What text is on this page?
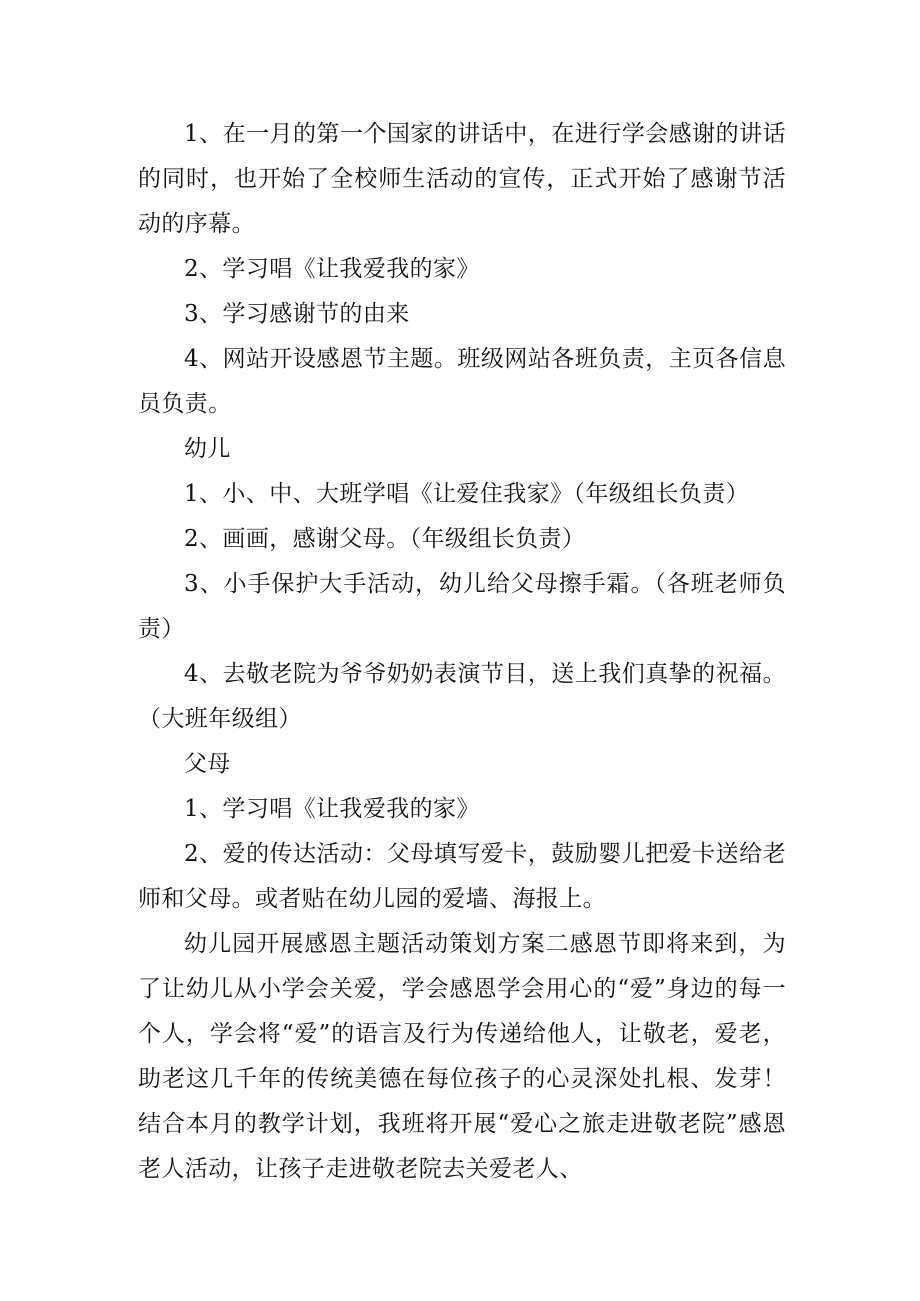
1、在一月的第一个国家的讲话中，在进行学会感谢的讲话的同时，也开始了全校师生活动的宣传，正式开始了感谢节活动的序幕。

2、学习唱《让我爱我的家》

3、学习感谢节的由来

4、网站开设感恩节主题。班级网站各班负责，主页各信息员负责。

幼儿

1、小、中、大班学唱《让爱住我家》（年级组长负责）

2、画画，感谢父母。（年级组长负责）

3、小手保护大手活动，幼儿给父母擦手霜。（各班老师负责）

4、去敬老院为爷爷奶奶表演节目，送上我们真挚的祝福。（大班年级组）

父母

1、学习唱《让我爱我的家》

2、爱的传达活动：父母填写爱卡，鼓励婴儿把爱卡送给老师和父母。或者贴在幼儿园的爱墙、海报上。

幼儿园开展感恩主题活动策划方案二感恩节即将来到，为了让幼儿从小学会关爱，学会感恩学会用心的“爱”身边的每一个人，学会将“爱”的语言及行为传递给他人，让敬老，爱老，助老这几千年的传统美德在每位孩子的心灵深处扎根、发芽！结合本月的教学计划，我班将开展“爱心之旅走进敬老院”感恩老人活动，让孩子走进敬老院去关爱老人、
